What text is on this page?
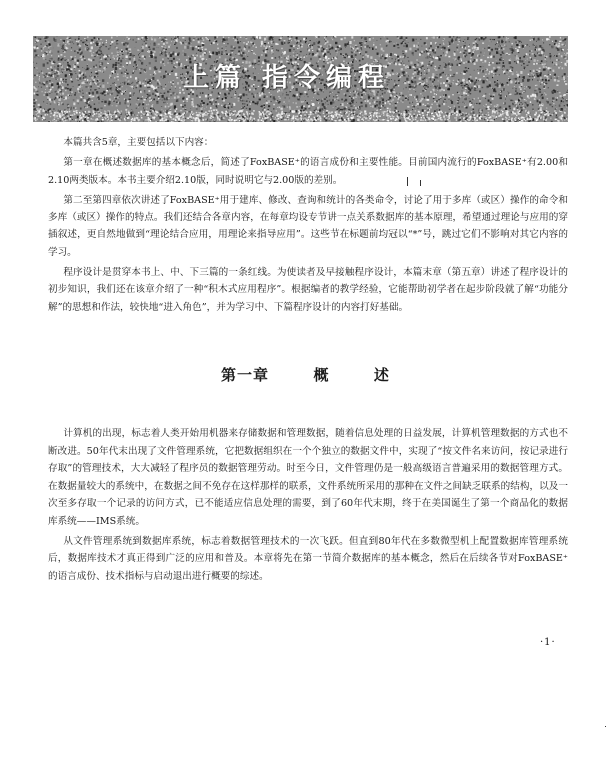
上篇 指令编程

本篇共含5章，主要包括以下内容：

第一章在概述数据库的基本概念后，简述了FoxBASE⁺的语言成份和主要性能。目前国内流行的FoxBASE⁺有2.00和2.10两类版本。本书主要介绍2.10版，同时说明它与2.00版的差别。

第二至第四章依次讲述了FoxBASE⁺用于建库、修改、查询和统计的各类命令，讨论了用于多库（或区）操作的命令和多库（或区）操作的特点。我们还结合各章内容，在每章均设专节讲一点关系数据库的基本原理，希望通过理论与应用的穿插叙述，更自然地做到“理论结合应用，用理论来指导应用”。这些节在标题前均冠以“*”号，跳过它们不影响对其它内容的学习。

程序设计是贯穿本书上、中、下三篇的一条红线。为使读者及早接触程序设计，本篇末章（第五章）讲述了程序设计的初步知识，我们还在该章介绍了一种“积木式应用程序”。根据编者的教学经验，它能帮助初学者在起步阶段就了解“功能分解”的思想和作法，较快地“进入角色”，并为学习中、下篇程序设计的内容打好基础。

第一章  概  述

计算机的出现，标志着人类开始用机器来存储数据和管理数据，随着信息处理的日益发展，计算机管理数据的方式也不断改进。50年代末出现了文件管理系统，它把数据组织在一个个独立的数据文件中，实现了“按文件名来访问，按记录进行存取”的管理技术，大大减轻了程序员的数据管理劳动。时至今日，文件管理仍是一般高级语言普遍采用的数据管理方式。在数据量较大的系统中，在数据之间不免存在这样那样的联系，文件系统所采用的那种在文件之间缺乏联系的结构，以及一次至多存取一个记录的访问方式，已不能适应信息处理的需要，到了60年代末期，终于在美国诞生了第一个商品化的数据库系统——IMS系统。

从文件管理系统到数据库系统，标志着数据管理技术的一次飞跃。但直到80年代在多数微型机上配置数据库管理系统后，数据库技术才真正得到广泛的应用和普及。本章将先在第一节简介数据库的基本概念，然后在后续各节对FoxBASE⁺的语言成份、技术指标与启动退出进行概要的综述。

·1·
